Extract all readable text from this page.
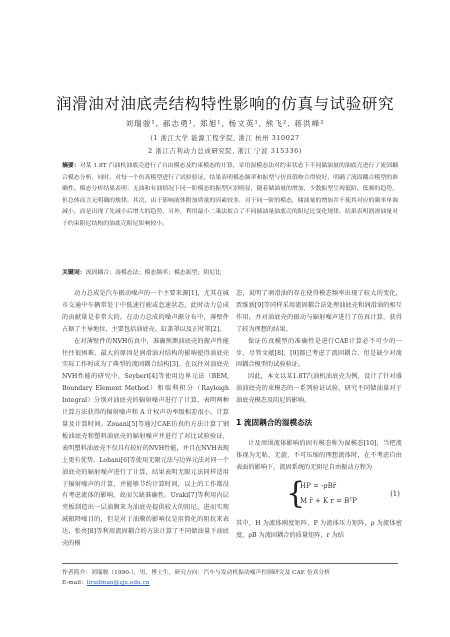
润滑油对油底壳结构特性影响的仿真与试验研究
刘瑞骏¹, 郝志勇¹, 郑旭¹, 杨文英¹, 熊飞², 蒋洪峰²
(1 浙江大学 能源工程学院, 浙江 杭州 310027
2 浙江吉利动力总成研究院, 浙江 宁波 315336)
摘要：对某 1.8T 汽油机油底壳进行了自由模态及约束模态的计算，采用湿模态法对约束状态下不同储油量的油底壳进行了流固耦合模态分析，同时，对每一个仿真模型进行了试验验证，结果表明模态频率和振型与仿真值吻合得较好，明确了流固耦合模型的准确性。模态分析结果表明：无油和有油情况下同一阶模态的振型区别明显，随着储油量的增加，少数振型呈现低阶、低频的趋势，但总体而言无明确的规律。其次，由于影响液体附加质量的因素较多，对于同一阶的模态，储油量的增加并不使其对应的频率单调减小，而是出现了先减小后增大的趋势，另外，利用最小二乘法拟合了不同储油量油底壳的阻尼比变化规律，结果表明润滑油量对于约束阻尼结构的油底壳阻尼影响较小。
关键词：流固耦合；湿模态法；模态频率；模态振型；阻尼比

动力总成是汽车振动噪声的一个主要来源[1]，尤其在城市交通中车辆常处于中低速行驶或怠速状态，此时动力总成的贡献量是非常大的。在动力总成的噪声源分布中，薄壁件占据了主导地位，主要包括油底壳、缸盖罩以及正时罩[2]。

在对薄壁件的NVH仿真中，准确预测油底壳的振声性能往往很困难，最大的原因是润滑油对结构的影响使得油底壳实际工作时成为了典型的流固耦合结构[3]。在以往对油底壳NVH性能的研究中，Seybert[4]等使用边界元法（BEM, Boundary Element Method）和瑞利积分（Rayleigh Integral）分别对油底壳的辐射噪声进行了计算，表明两种计算方法获得的辐射噪声和 A 计权声功率级相差很小，计算量及计算时间。Zouani[5]等通过CAE仿真的方法计算了钢板油底壳和塑料油底壳的辐射噪声并进行了对比试验验证，表明塑料油底壳不仅具有较好的NVH性能，并且在NVH表现上更有优势。Lohani[6]等使用无限元法与边界元法对同一个油底壳的辐射噪声进行了计算，结果表明无限元法同样适用于辐射噪声的计算，并能够节约计算时间，以上的工作都没有考虑流体的影响，故而欠缺准确性。Uraki[7]等利用内层夹板制造出一层油膜来为油底壳提供较大的阻尼，进而实现减振降噪目的，但是对于油膜的影响仅是用简化的阻抗来表达，张亮[8]等利用流固耦合的方法计算了不同储油量下油底壳的模

态，说明了润滑油的存在使得模态频率出现了较大的变化，贾维新[9]等同样采用流固耦合法处理油底壳和润滑油的相互作用，并对油底壳的振动与辐射噪声进行了仿真计算，获得了较为理想的结果。

保证仿真模型的准确性是进行CAE计算必不可少的一步，尽管文献[8]、[9]都已考虑了流固耦合，但是缺少对流固耦合模型的试验验证。

因此，本文以某1.8T汽油机油底壳为例，设计了针对盛油油底壳的束模态的一系列验证试验，研究不同储油量对于油底壳模态及阻尼的影响。

1 流固耦合的湿模态法

计及周围流体影响的固有模态称为湿模态[10]，当把流体视为无粘、无旋、不可压缩的理想流体时，在不考虑自由表面的影响下，流固系统的无阻尼自由振动方程为

{
HP = -ρBr̈
M r̈ + K r = BᵀP
(1)

其中，H 为流体刚度矩阵，P 为流体压力矩阵，ρ 为流体密度，ρB 为流固耦合的质量矩阵，r 为结

作者简介：刘瑞骏（1990-），男，博士生，研究方向：汽车与发动机振动噪声控制研究及 CAE 仿真分析
E-mail：liruifman@zju.edu.cn
